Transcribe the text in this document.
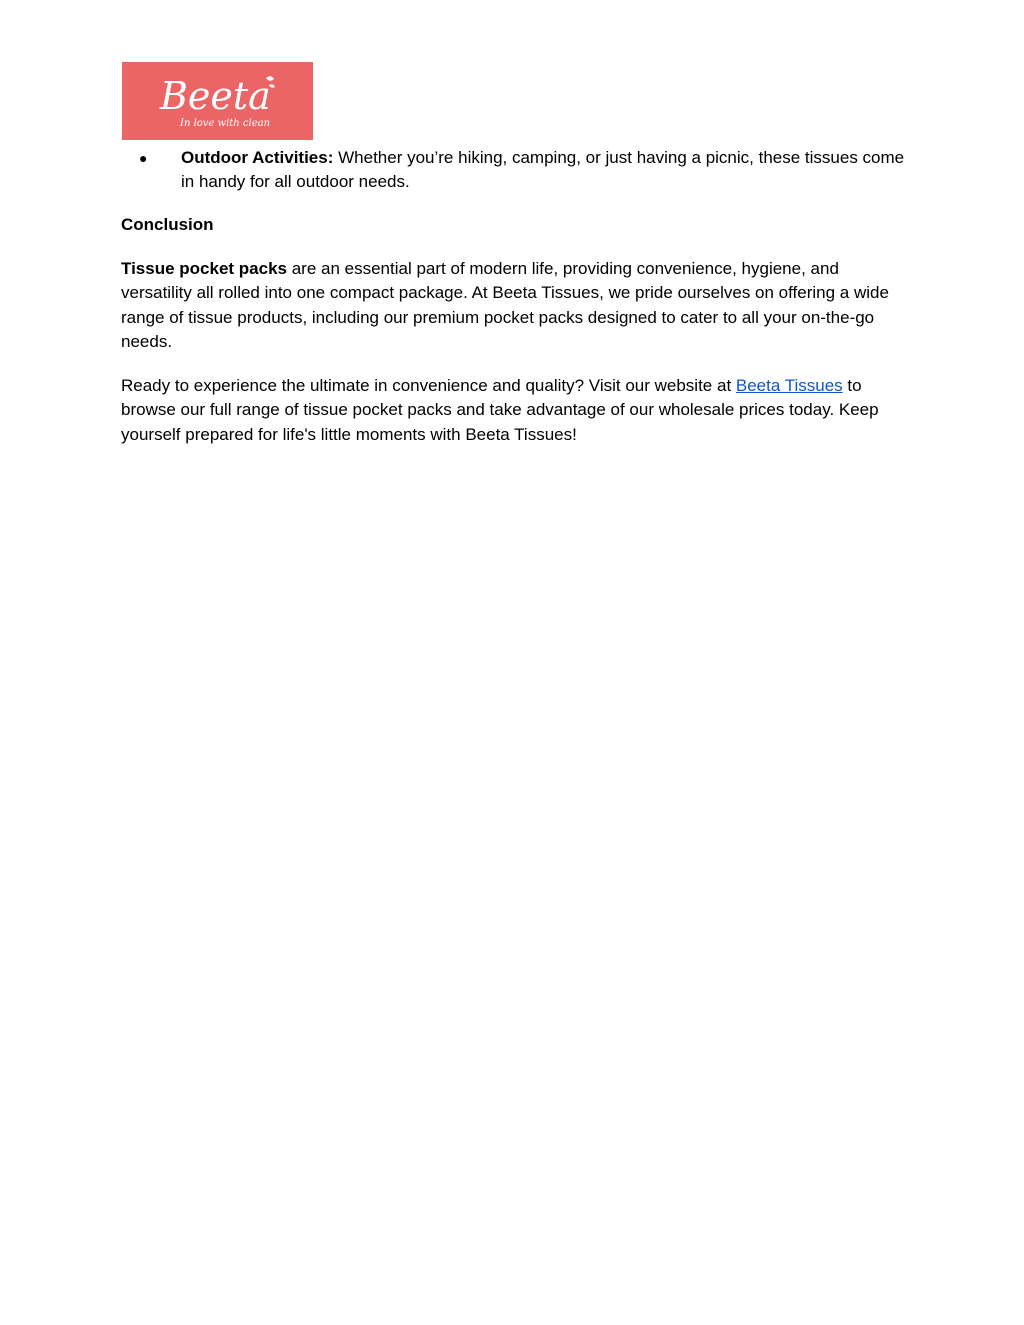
Beeta
In love with clean
● Outdoor Activities: Whether you’re hiking, camping, or just having a picnic, these tissues come in handy for all outdoor needs.
Conclusion

Tissue pocket packs are an essential part of modern life, providing convenience, hygiene, and versatility all rolled into one compact package. At Beeta Tissues, we pride ourselves on offering a wide range of tissue products, including our premium pocket packs designed to cater to all your on-the-go needs.

Ready to experience the ultimate in convenience and quality? Visit our website at Beeta Tissues to browse our full range of tissue pocket packs and take advantage of our wholesale prices today. Keep yourself prepared for life's little moments with Beeta Tissues!
